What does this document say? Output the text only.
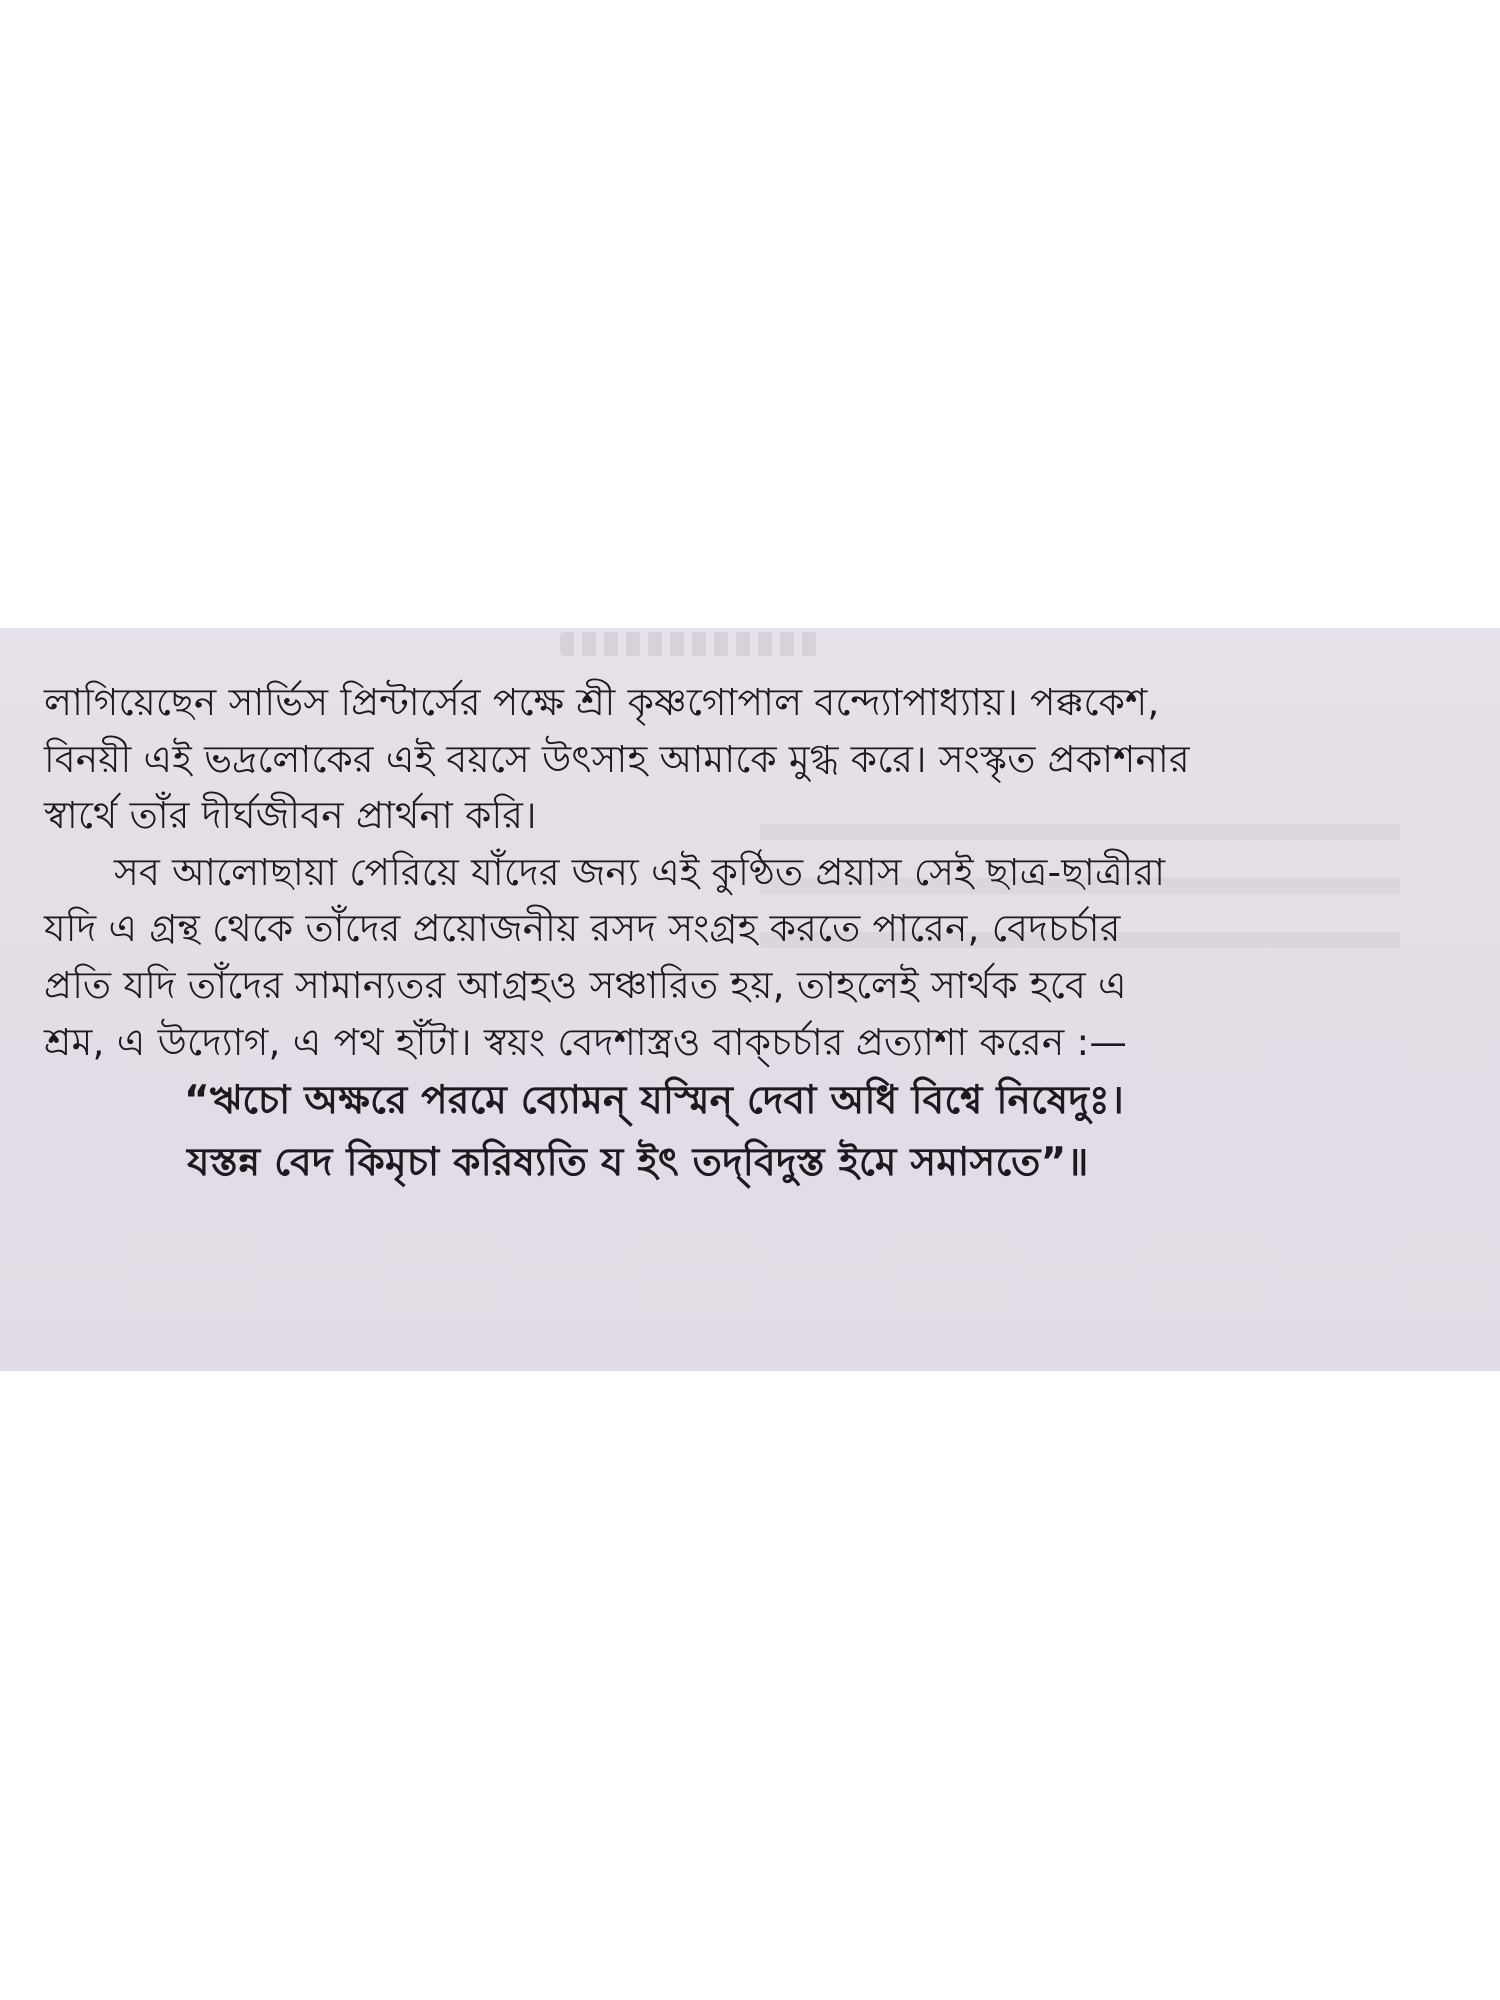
লাগিয়েছেন সার্ভিস প্রিন্টার্সের পক্ষে শ্রী কৃষ্ণগোপাল বন্দ্যোপাধ্যায়। পক্ককেশ,
বিনয়ী এই ভদ্রলোকের এই বয়সে উৎসাহ আমাকে মুগ্ধ করে। সংস্কৃত প্রকাশনার
স্বার্থে তাঁর দীর্ঘজীবন প্রার্থনা করি।
সব আলোছায়া পেরিয়ে যাঁদের জন্য এই কুণ্ঠিত প্রয়াস সেই ছাত্র-ছাত্রীরা
যদি এ গ্রন্থ থেকে তাঁদের প্রয়োজনীয় রসদ সংগ্রহ করতে পারেন, বেদচর্চার
প্রতি যদি তাঁদের সামান্যতর আগ্রহও সঞ্চারিত হয়, তাহলেই সার্থক হবে এ
শ্রম, এ উদ্যোগ, এ পথ হাঁটা। স্বয়ং বেদশাস্ত্রও বাক্‌চর্চার প্রত্যাশা করেন :—
“ঋচো অক্ষরে পরমে ব্যোমন্ যস্মিন্ দেবা অধি বিশ্বে নিষেদুঃ।
যস্তন্ন বেদ কিমৃচা করিষ্যতি য ইৎ তদ্‌বিদুস্ত ইমে সমাসতে”॥
